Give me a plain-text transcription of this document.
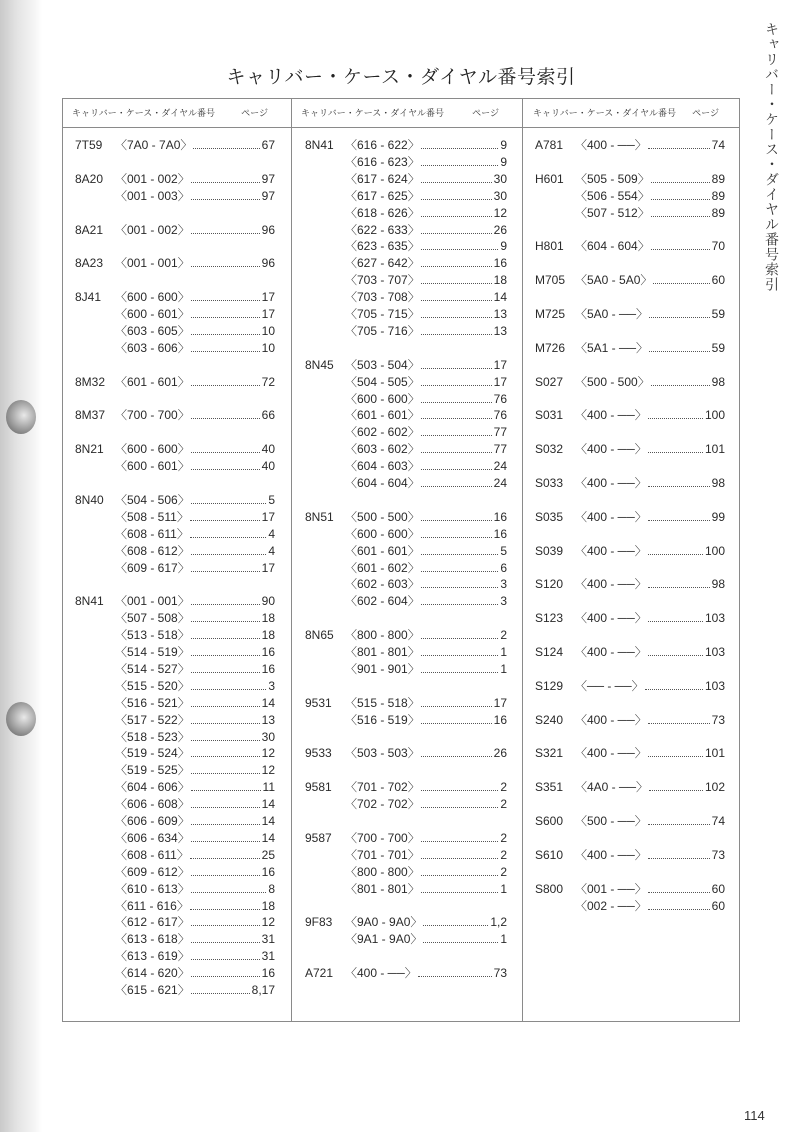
キャリバー・ケース・ダイヤル番号索引	キャリバー・ケース・ダイヤル番号索引
キャリバー・ケース・ダイヤル番号	ページ	キャリバー・ケース・ダイヤル番号	ページ	キャリバー・ケース・ダイヤル番号 ページ
7T59	〈7A0 ‐ 7A0〉	67
8A20 〈001 ‐ 002〉	97
〈001 ‐ 003〉	97
8A21 〈001 ‐ 002〉	96
8A23 〈001 ‐ 001〉	96
8J41	〈600 ‐ 600〉	17
〈600 ‐ 601〉	17
〈603 ‐ 605〉	10
〈603 ‐ 606〉	10
8M32 〈601 ‐ 601〉	72
8M37 〈700 ‐ 700〉	66
8N21 〈600 ‐ 600〉	40
〈600 ‐ 601〉	40
8N40 〈504 ‐ 506〉	5
〈508 ‐ 511〉	17
〈608 ‐ 611〉	4
〈608 ‐ 612〉	4
〈609 ‐ 617〉	17
8N41 〈001 ‐ 001〉	90
〈507 ‐ 508〉	18
〈513 ‐ 518〉	18
〈514 ‐ 519〉	16
〈514 ‐ 527〉	16
〈515 ‐ 520〉	3
〈516 ‐ 521〉	14
〈517 ‐ 522〉	13
〈518 ‐ 523〉	30
〈519 ‐ 524〉	12
〈519 ‐ 525〉	12
〈604 ‐ 606〉	11
〈606 ‐ 608〉	14
〈606 ‐ 609〉	14
〈606 ‐ 634〉	14
〈608 ‐ 611〉	25
〈609 ‐ 612〉	16
〈610 ‐ 613〉	8
〈611 ‐ 616〉	18
〈612 ‐ 617〉	12
〈613 ‐ 618〉	31
〈613 ‐ 619〉	31
〈614 ‐ 620〉	16
〈615 ‐ 621〉	8,17
8N41 〈616 ‐ 622〉	9
〈616 ‐ 623〉	9
〈617 ‐ 624〉	30
〈617 ‐ 625〉	30
〈618 ‐ 626〉	12
〈622 ‐ 633〉	26
〈623 ‐ 635〉	9
〈627 ‐ 642〉	16
〈703 ‐ 707〉	18
〈703 ‐ 708〉	14
〈705 ‐ 715〉	13
〈705 ‐ 716〉	13
8N45 〈503 ‐ 504〉	17
〈504 ‐ 505〉	17
〈600 ‐ 600〉	76
〈601 ‐ 601〉	76
〈602 ‐ 602〉	77
〈603 ‐ 602〉	77
〈604 ‐ 603〉	24
〈604 ‐ 604〉	24
8N51 〈500 ‐ 500〉	16
〈600 ‐ 600〉	16
〈601 ‐ 601〉	5
〈601 ‐ 602〉	6
〈602 ‐ 603〉	3
〈602 ‐ 604〉	3
8N65 〈800 ‐ 800〉	2
〈801 ‐ 801〉	1
〈901 ‐ 901〉	1
9531	〈515 ‐ 518〉	17
〈516 ‐ 519〉	16
9533	〈503 ‐ 503〉	26
9581	〈701 ‐ 702〉	2
〈702 ‐ 702〉	2
9587	〈700 ‐ 700〉	2
〈701 ‐ 701〉	2
〈800 ‐ 800〉	2
〈801 ‐ 801〉	1
9F83	〈9A0 ‐ 9A0〉	1,2
〈9A1 ‐ 9A0〉	1
A721 〈400 ‐ ──〉	73
A781 〈400 ‐ ──〉	74
H601 〈505 ‐ 509〉	89
〈506 ‐ 554〉	89
〈507 ‐ 512〉	89
H801 〈604 ‐ 604〉	70
M705 〈5A0 ‐ 5A0〉	60
M725 〈5A0 ‐ ──〉	59
M726 〈5A1 ‐ ──〉	59
S027 〈500 ‐ 500〉	98
S031 〈400 ‐ ──〉	100
S032 〈400 ‐ ──〉	101
S033 〈400 ‐ ──〉	98
S035 〈400 ‐ ──〉	99
S039 〈400 ‐ ──〉	100
S120 〈400 ‐ ──〉	98
S123 〈400 ‐ ──〉	103
S124 〈400 ‐ ──〉	103
S129 〈── ‐ ──〉	103
S240 〈400 ‐ ──〉	73
S321 〈400 ‐ ──〉	101
S351 〈4A0 ‐ ──〉	102
S600 〈500 ‐ ──〉	74
S610 〈400 ‐ ──〉	73
S800 〈001 ‐ ──〉	60
〈002 ‐ ──〉	60
114
